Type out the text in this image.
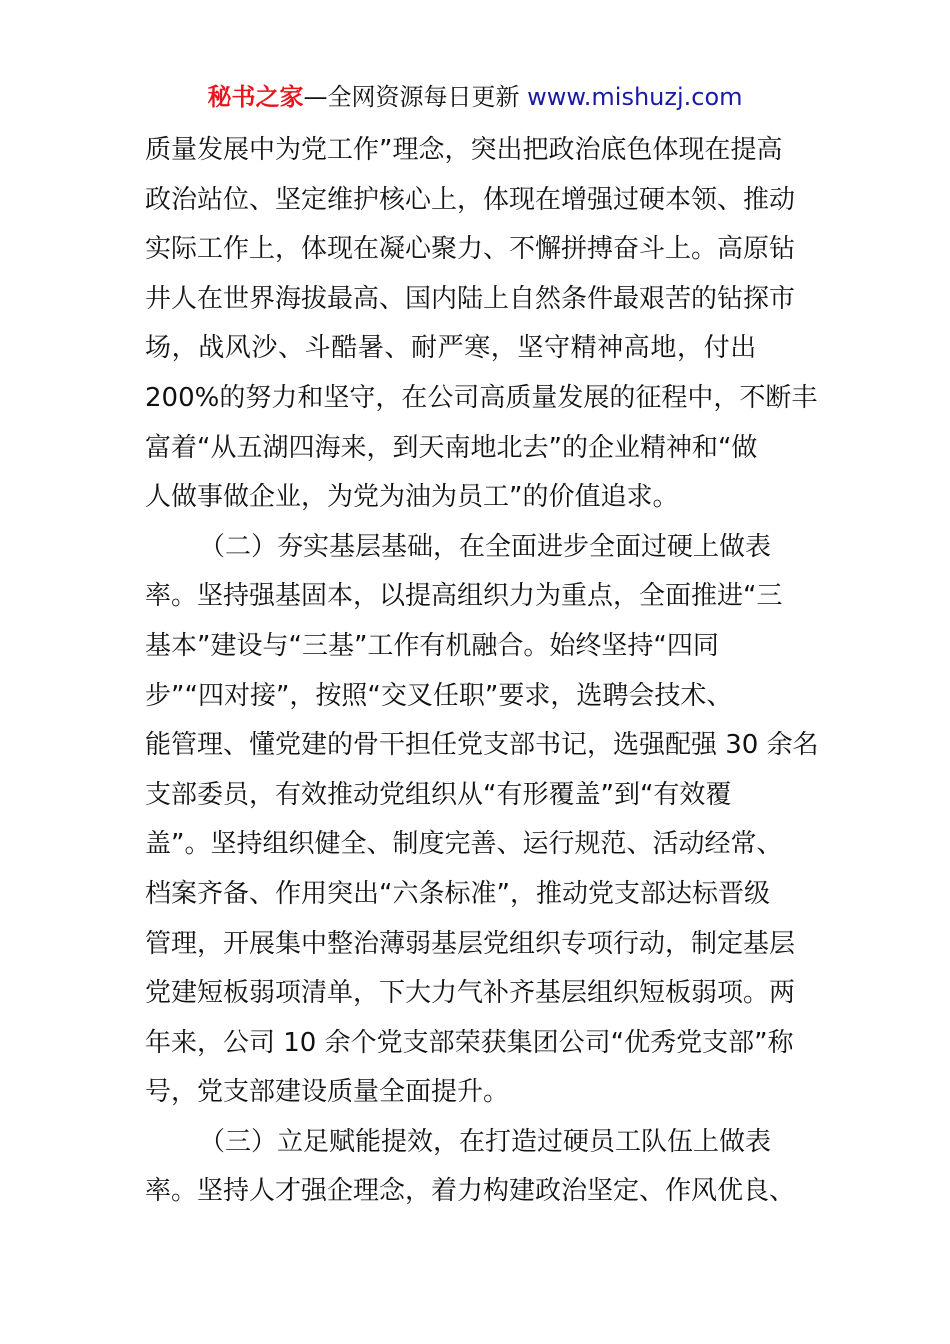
秘书之家—全网资源每日更新 www.mishuzj.com
质量发展中为党工作”理念，突出把政治底色体现在提高
政治站位、坚定维护核心上，体现在增强过硬本领、推动
实际工作上，体现在凝心聚力、不懈拼搏奋斗上。高原钻
井人在世界海拔最高、国内陆上自然条件最艰苦的钻探市
场，战风沙、斗酷暑、耐严寒，坚守精神高地，付出
200%的努力和坚守，在公司高质量发展的征程中，不断丰
富着“从五湖四海来，到天南地北去”的企业精神和“做
人做事做企业，为党为油为员工”的价值追求。
（二）夯实基层基础，在全面进步全面过硬上做表
率。坚持强基固本，以提高组织力为重点，全面推进“三
基本”建设与“三基”工作有机融合。始终坚持“四同
步”“四对接”，按照“交叉任职”要求，选聘会技术、
能管理、懂党建的骨干担任党支部书记，选强配强 30 余名
支部委员，有效推动党组织从“有形覆盖”到“有效覆
盖”。坚持组织健全、制度完善、运行规范、活动经常、
档案齐备、作用突出“六条标准”，推动党支部达标晋级
管理，开展集中整治薄弱基层党组织专项行动，制定基层
党建短板弱项清单，下大力气补齐基层组织短板弱项。两
年来，公司 10 余个党支部荣获集团公司“优秀党支部”称
号，党支部建设质量全面提升。
（三）立足赋能提效，在打造过硬员工队伍上做表
率。坚持人才强企理念，着力构建政治坚定、作风优良、
